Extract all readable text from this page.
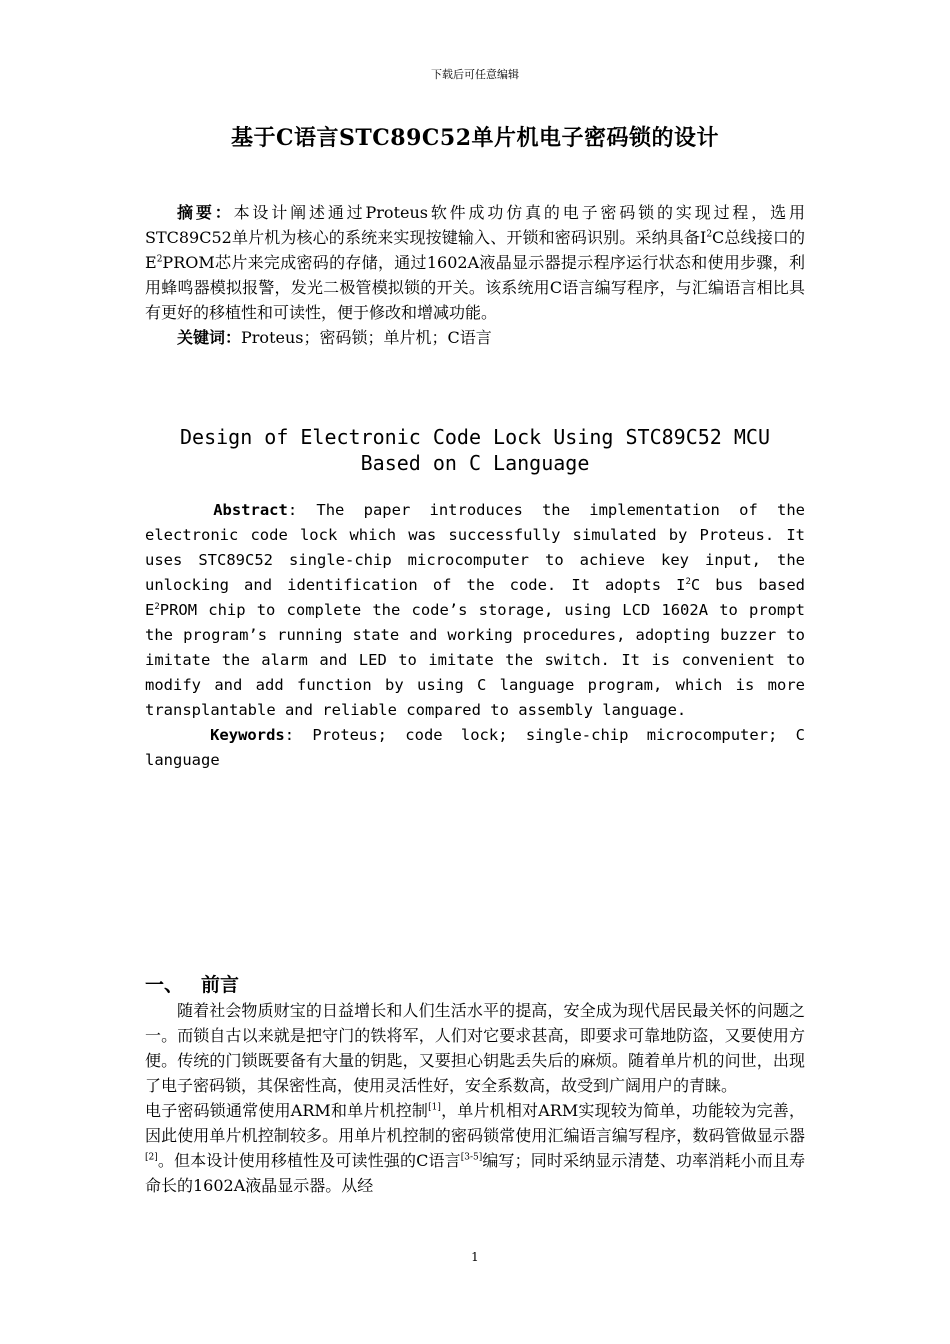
下载后可任意编辑
基于C语言STC89C52单片机电子密码锁的设计

摘要：本设计阐述通过Proteus软件成功仿真的电子密码锁的实现过程，选用STC89C52单片机为核心的系统来实现按键输入、开锁和密码识别。采纳具备$I^2C$总线接口的$E^2PROM$芯片来完成密码的存储，通过1602A液晶显示器提示程序运行状态和使用步骤，利用蜂鸣器模拟报警，发光二极管模拟锁的开关。该系统用C语言编写程序，与汇编语言相比具有更好的移植性和可读性，便于修改和增减功能。

关键词：Proteus；密码锁；单片机；C语言

Design of Electronic Code Lock Using STC89C52 MCU Based on C Language

Abstract: The paper introduces the implementation of the electronic code lock which was successfully simulated by Proteus. It uses STC89C52 single-chip microcomputer to achieve key input, the unlocking and identification of the code. It adopts $I^2C$ bus based $E^2PROM$ chip to complete the code’s storage, using LCD 1602A to prompt the program’s running state and working procedures, adopting buzzer to imitate the alarm and LED to imitate the switch. It is convenient to modify and add function by using C language program, which is more transplantable and reliable compared to assembly language.

Keywords: Proteus; code lock; single-chip microcomputer; C language

一、 前言

随着社会物质财宝的日益增长和人们生活水平的提高，安全成为现代居民最关怀的问题之一。而锁自古以来就是把守门的铁将军，人们对它要求甚高，即要求可靠地防盗，又要使用方便。传统的门锁既要备有大量的钥匙，又要担心钥匙丢失后的麻烦。随着单片机的问世，出现了电子密码锁，其保密性高，使用灵活性好，安全系数高，故受到广阔用户的青睐。

电子密码锁通常使用ARM和单片机控制[1]，单片机相对ARM实现较为简单，功能较为完善，因此使用单片机控制较多。用单片机控制的密码锁常使用汇编语言编写程序，数码管做显示器[2]。但本设计使用移植性及可读性强的C语言[3-5]编写；同时采纳显示清楚、功率消耗小而且寿命长的1602A液晶显示器。从经

1
